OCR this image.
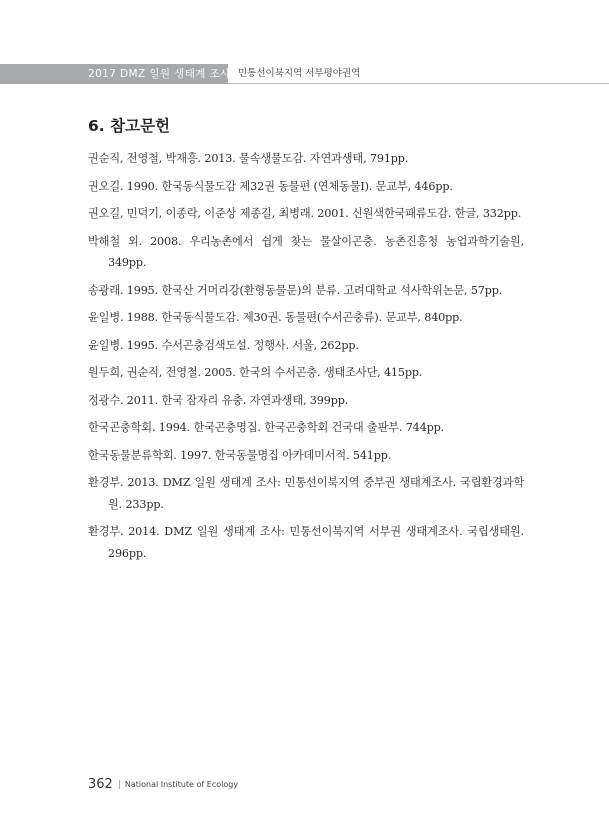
2017 DMZ 일원 생태계 조사 민통선이북지역 서부평야권역
6. 참고문헌
권순직, 전영철, 박재흥. 2013. 물속생물도감. 자연과생태, 791pp.
권오길. 1990. 한국동식물도감 제32권 동물편 (연체동물Ⅰ). 문교부, 446pp.
권오길, 민덕기, 이종락, 이준상 제종길, 최병래. 2001. 신원색한국패류도감. 한글, 332pp.
박해철 외. 2008. 우리농촌에서 쉽게 찾는 물살이곤충. 농촌진흥청 농업과학기술원, 349pp.
송광래. 1995. 한국산 거머리강(환형동물문)의 분류. 고려대학교 석사학위논문, 57pp.
윤일병. 1988. 한국동식물도감. 제30권. 동물편(수서곤충류). 문교부, 840pp.
윤일병. 1995. 수서곤충검색도설. 정행사. 서울, 262pp.
원두희, 권순직, 전영철. 2005. 한국의 수서곤충. 생태조사단, 415pp.
정광수. 2011. 한국 잠자리 유충. 자연과생태, 399pp.
한국곤충학회. 1994. 한국곤충명집. 한국곤충학회 건국대 출판부. 744pp.
한국동물분류학회. 1997. 한국동물명집 아카데미서적. 541pp.
환경부. 2013. DMZ 일원 생태계 조사: 민통선이북지역 중부권 생태계조사. 국립환경과학원. 233pp.
환경부. 2014. DMZ 일원 생태계 조사: 민통선이북지역 서부권 생태계조사. 국립생태원. 296pp.
362 | National Institute of Ecology
